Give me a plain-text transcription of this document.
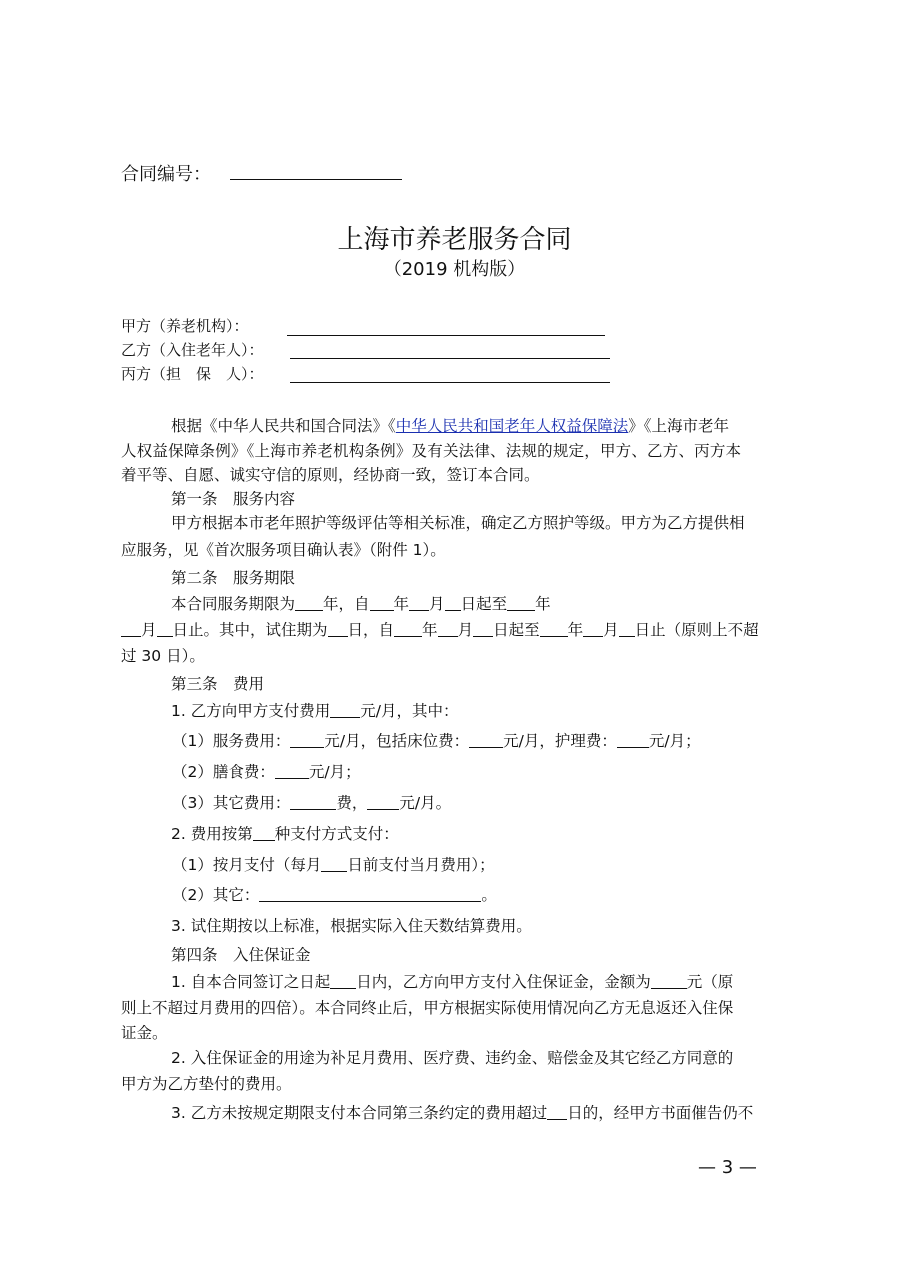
合同编号：
上海市养老服务合同
（2019 机构版）
甲方（养老机构）：
乙方（入住老年人）：
丙方（担　保　人）：
根据《中华人民共和国合同法》《中华人民共和国老年人权益保障法》《上海市老年
人权益保障条例》《上海市养老机构条例》及有关法律、法规的规定，甲方、乙方、丙方本
着平等、自愿、诚实守信的原则，经协商一致，签订本合同。
第一条　服务内容
甲方根据本市老年照护等级评估等相关标准，确定乙方照护等级。甲方为乙方提供相
应服务，见《首次服务项目确认表》（附件 1）。
第二条　服务期限
本合同服务期限为 年，自 年 月 日起至 年
月 日止。其中，试住期为 日，自 年 月 日起至 年 月 日止（原则上不超
过 30 日）。
第三条　费用
1. 乙方向甲方支付费用 元/月，其中：
（1）服务费用： 元/月，包括床位费： 元/月，护理费： 元/月；
（2）膳食费： 元/月；
（3）其它费用：	费， 元/月。
2. 费用按第 种支付方式支付：
（1）按月支付（每月 日前支付当月费用）；
（2）其它：	。
3. 试住期按以上标准，根据实际入住天数结算费用。
第四条　入住保证金
1. 自本合同签订之日起 日内，乙方向甲方支付入住保证金，金额为 元（原
则上不超过月费用的四倍）。本合同终止后，甲方根据实际使用情况向乙方无息返还入住保
证金。
2. 入住保证金的用途为补足月费用、医疗费、违约金、赔偿金及其它经乙方同意的
甲方为乙方垫付的费用。
3. 乙方未按规定期限支付本合同第三条约定的费用超过 日的，经甲方书面催告仍不
— 3 —
